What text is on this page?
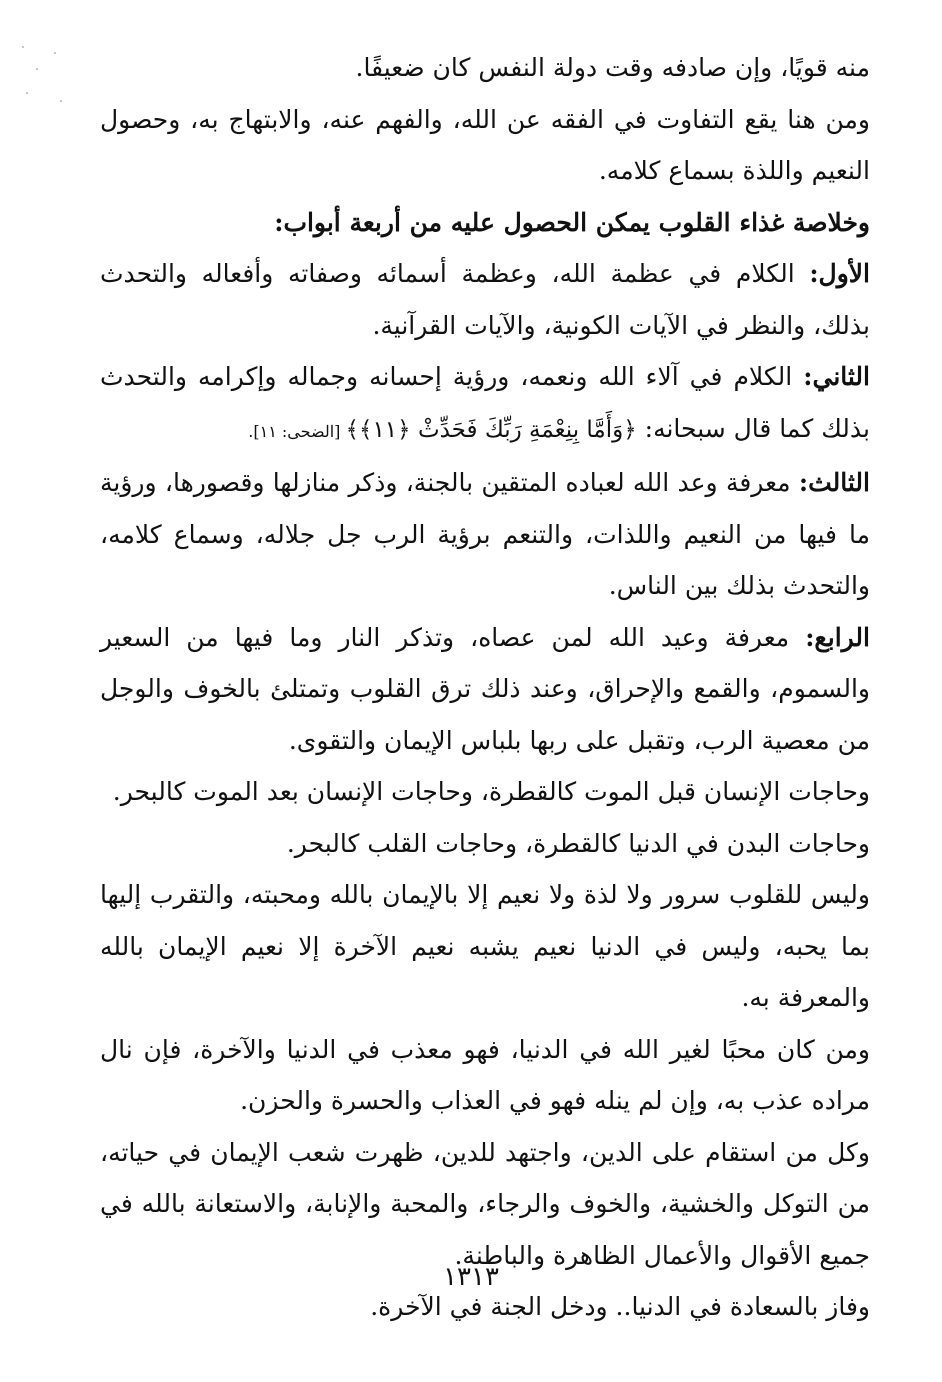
منه قويًا، وإن صادفه وقت دولة النفس كان ضعيفًا.

ومن هنا يقع التفاوت في الفقه عن الله، والفهم عنه، والابتهاج به، وحصول النعيم واللذة بسماع كلامه.

وخلاصة غذاء القلوب يمكن الحصول عليه من أربعة أبواب:

الأول: الكلام في عظمة الله، وعظمة أسمائه وصفاته وأفعاله والتحدث بذلك، والنظر في الآيات الكونية، والآيات القرآنية.

الثاني: الكلام في آلاء الله ونعمه، ورؤية إحسانه وجماله وإكرامه والتحدث بذلك كما قال سبحانه: ﴿وَأَمَّا بِنِعْمَةِ رَبِّكَ فَحَدِّثْ ﴿١١﴾﴾ [الضحى: ١١].

الثالث: معرفة وعد الله لعباده المتقين بالجنة، وذكر منازلها وقصورها، ورؤية ما فيها من النعيم واللذات، والتنعم برؤية الرب جل جلاله، وسماع كلامه، والتحدث بذلك بين الناس.

الرابع: معرفة وعيد الله لمن عصاه، وتذكر النار وما فيها من السعير والسموم، والقمع والإحراق، وعند ذلك ترق القلوب وتمتلئ بالخوف والوجل من معصية الرب، وتقبل على ربها بلباس الإيمان والتقوى.

وحاجات الإنسان قبل الموت كالقطرة، وحاجات الإنسان بعد الموت كالبحر.

وحاجات البدن في الدنيا كالقطرة، وحاجات القلب كالبحر.

وليس للقلوب سرور ولا لذة ولا نعيم إلا بالإيمان بالله ومحبته، والتقرب إليها بما يحبه، وليس في الدنيا نعيم يشبه نعيم الآخرة إلا نعيم الإيمان بالله والمعرفة به.

ومن كان محبًا لغير الله في الدنيا، فهو معذب في الدنيا والآخرة، فإن نال مراده عذب به، وإن لم ينله فهو في العذاب والحسرة والحزن.

وكل من استقام على الدين، واجتهد للدين، ظهرت شعب الإيمان في حياته، من التوكل والخشية، والخوف والرجاء، والمحبة والإنابة، والاستعانة بالله في جميع الأقوال والأعمال الظاهرة والباطنة.

وفاز بالسعادة في الدنيا.. ودخل الجنة في الآخرة.

١٣١٣
